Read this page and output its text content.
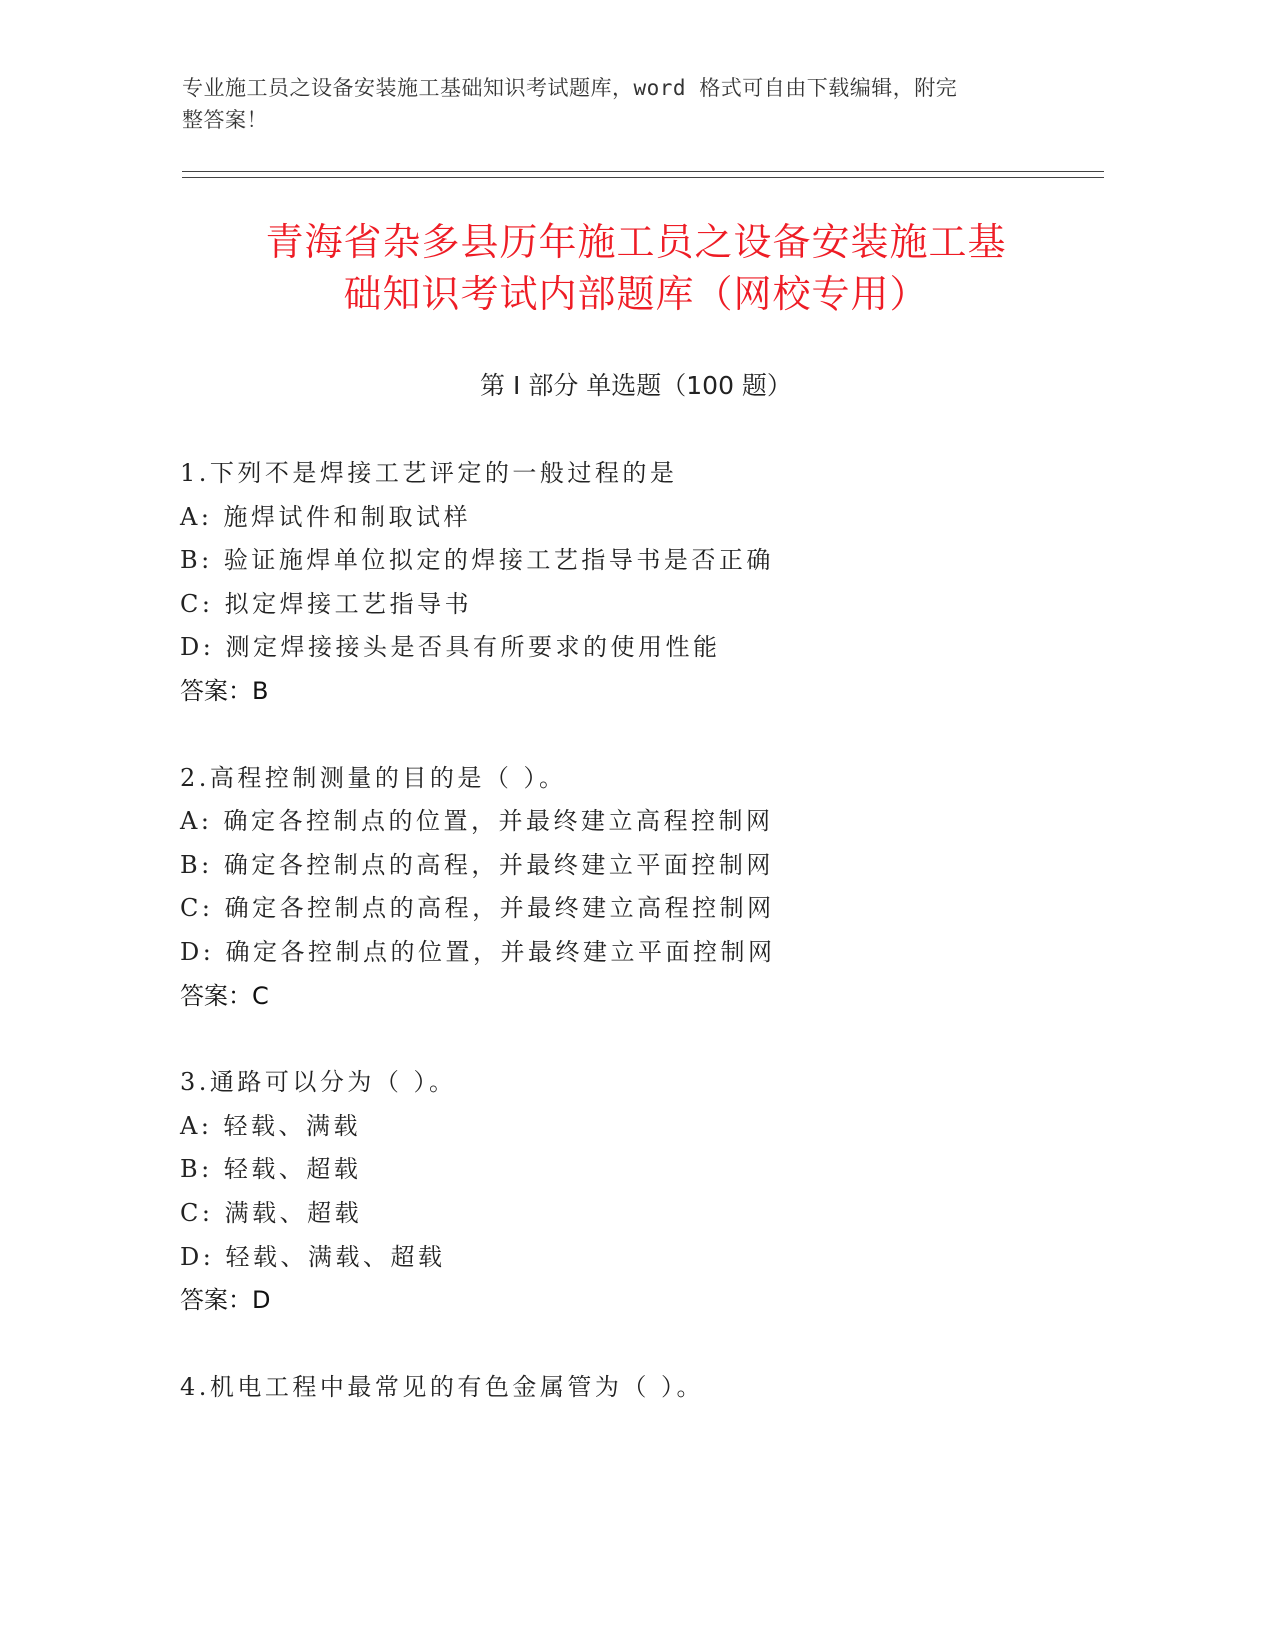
专业施工员之设备安装施工基础知识考试题库，word 格式可自由下载编辑，附完
整答案！
青海省杂多县历年施工员之设备安装施工基
础知识考试内部题库（网校专用）
第 I 部分 单选题（100 题）
1.下列不是焊接工艺评定的一般过程的是
A: 施焊试件和制取试样
B: 验证施焊单位拟定的焊接工艺指导书是否正确
C: 拟定焊接工艺指导书
D: 测定焊接接头是否具有所要求的使用性能
答案：B
2.高程控制测量的目的是（ ）。
A: 确定各控制点的位置，并最终建立高程控制网
B: 确定各控制点的高程，并最终建立平面控制网
C: 确定各控制点的高程，并最终建立高程控制网
D: 确定各控制点的位置，并最终建立平面控制网
答案：C
3.通路可以分为（ ）。
A: 轻载、满载
B: 轻载、超载
C: 满载、超载
D: 轻载、满载、超载
答案：D
4.机电工程中最常见的有色金属管为（ ）。
